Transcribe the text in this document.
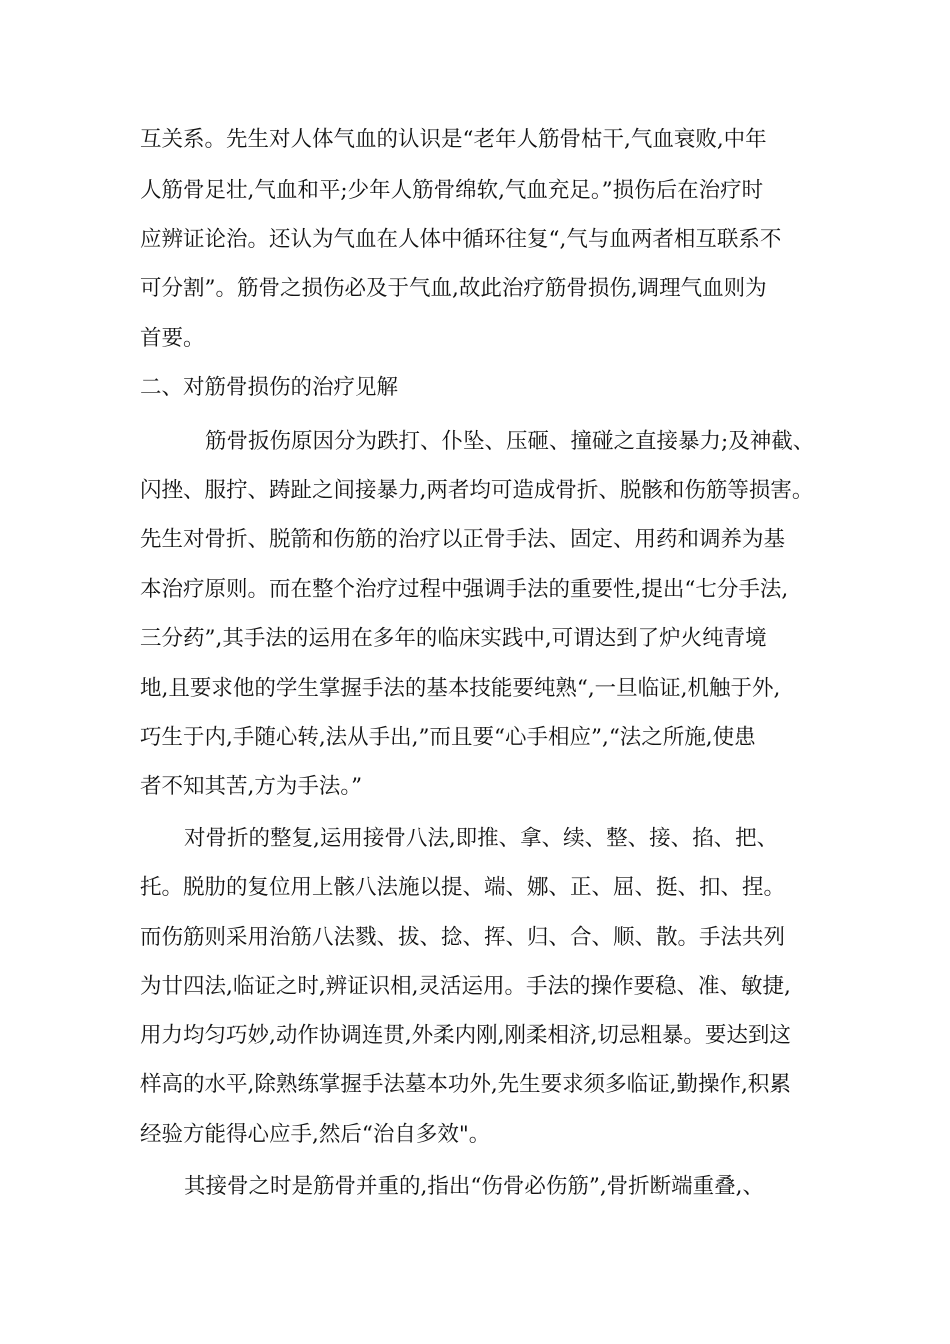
互关系。先生对人体气血的认识是“老年人筋骨枯干,气血衰败,中年
人筋骨足壮,气血和平;少年人筋骨绵软,气血充足。”损伤后在治疗时
应辨证论治。还认为气血在人体中循环往复“,气与血两者相互联系不
可分割”。筋骨之损伤必及于气血,故此治疗筋骨损伤,调理气血则为
首要。
二、对筋骨损伤的治疗见解
筋骨扳伤原因分为跌打、仆坠、压砸、撞碰之直接暴力;及神截、
闪挫、服拧、踌趾之间接暴力,两者均可造成骨折、脱骸和伤筋等损害。
先生对骨折、脱箭和伤筋的治疗以正骨手法、固定、用药和调养为基
本治疗原则。而在整个治疗过程中强调手法的重要性,提出“七分手法,
三分药”,其手法的运用在多年的临床实践中,可谓达到了炉火纯青境
地,且要求他的学生掌握手法的基本技能要纯熟“,一旦临证,机触于外,
巧生于内,手随心转,法从手出,”而且要“心手相应”,“法之所施,使患
者不知其苦,方为手法。”
对骨折的整复,运用接骨八法,即推、拿、续、整、接、掐、把、
托。脱肋的复位用上骸八法施以提、端、娜、正、屈、挺、扣、捏。
而伤筋则采用治筋八法戮、拔、捻、挥、归、合、顺、散。手法共列
为廿四法,临证之时,辨证识相,灵活运用。手法的操作要稳、准、敏捷,
用力均匀巧妙,动作协调连贯,外柔内刚,刚柔相济,切忌粗暴。要达到这
样高的水平,除熟练掌握手法墓本功外,先生要求须多临证,勤操作,积累
经验方能得心应手,然后“治自多效"。
其接骨之时是筋骨并重的,指出“伤骨必伤筋”,骨折断端重叠,、
